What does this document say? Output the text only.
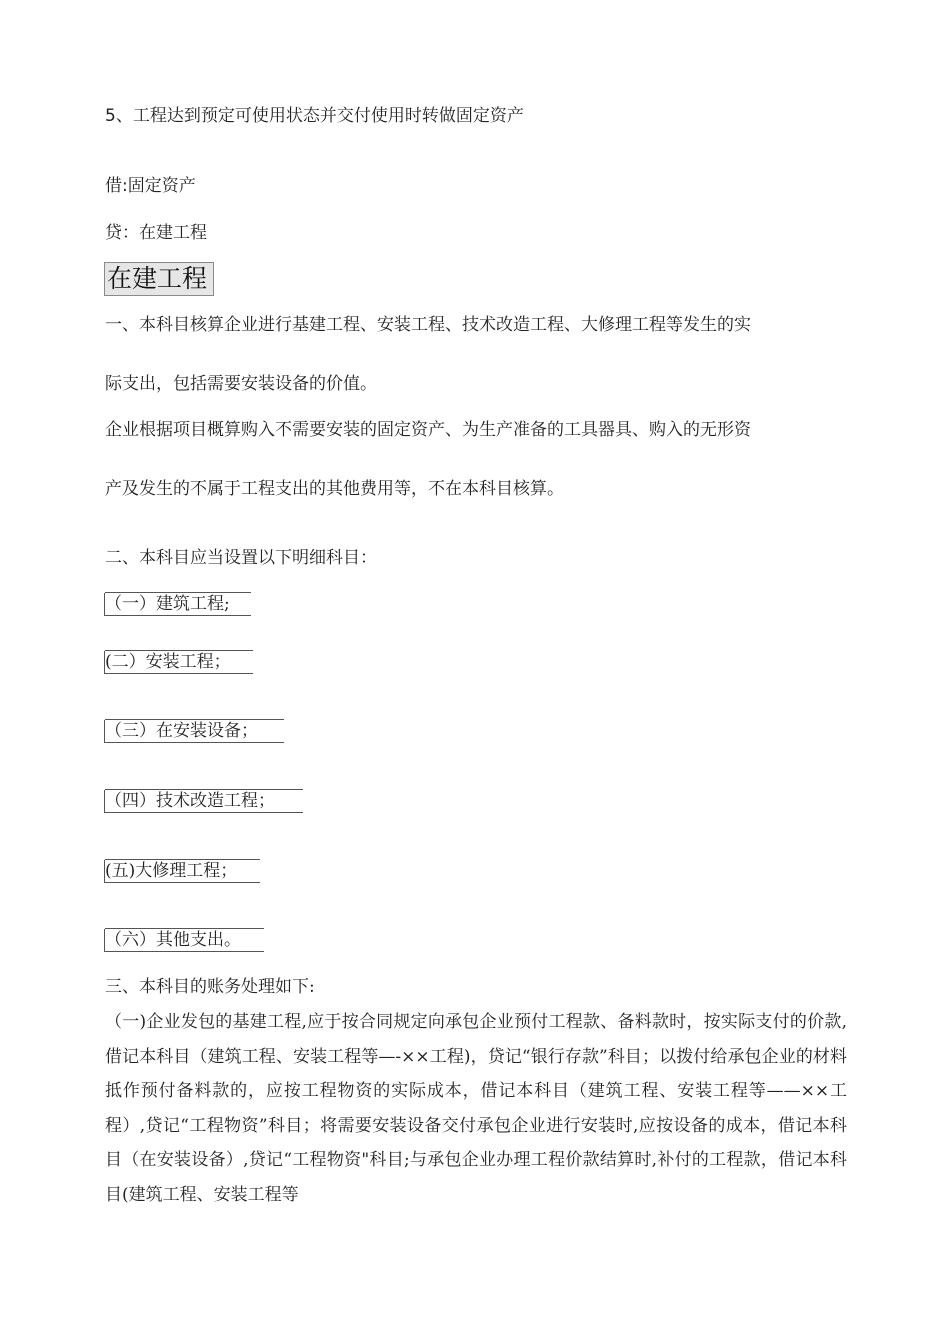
5、工程达到预定可使用状态并交付使用时转做固定资产
借:固定资产
贷：在建工程
在建工程
一、本科目核算企业进行基建工程、安装工程、技术改造工程、大修理工程等发生的实
际支出，包括需要安装设备的价值。
企业根据项目概算购入不需要安装的固定资产、为生产准备的工具器具、购入的无形资
产及发生的不属于工程支出的其他费用等，不在本科目核算。
二、本科目应当设置以下明细科目：
（一）建筑工程;
(二）安装工程；
（三）在安装设备；
（四）技术改造工程；
(五)大修理工程；
（六）其他支出。
三、本科目的账务处理如下:
（一)企业发包的基建工程,应于按合同规定向承包企业预付工程款、备料款时，按实际支付的价款,借记本科目（建筑工程、安装工程等—-××工程)，贷记“银行存款”科目；以拨付给承包企业的材料抵作预付备料款的，应按工程物资的实际成本，借记本科目（建筑工程、安装工程等——××工程）,贷记“工程物资”科目；将需要安装设备交付承包企业进行安装时,应按设备的成本，借记本科目（在安装设备）,贷记“工程物资"科目;与承包企业办理工程价款结算时,补付的工程款，借记本科目(建筑工程、安装工程等
